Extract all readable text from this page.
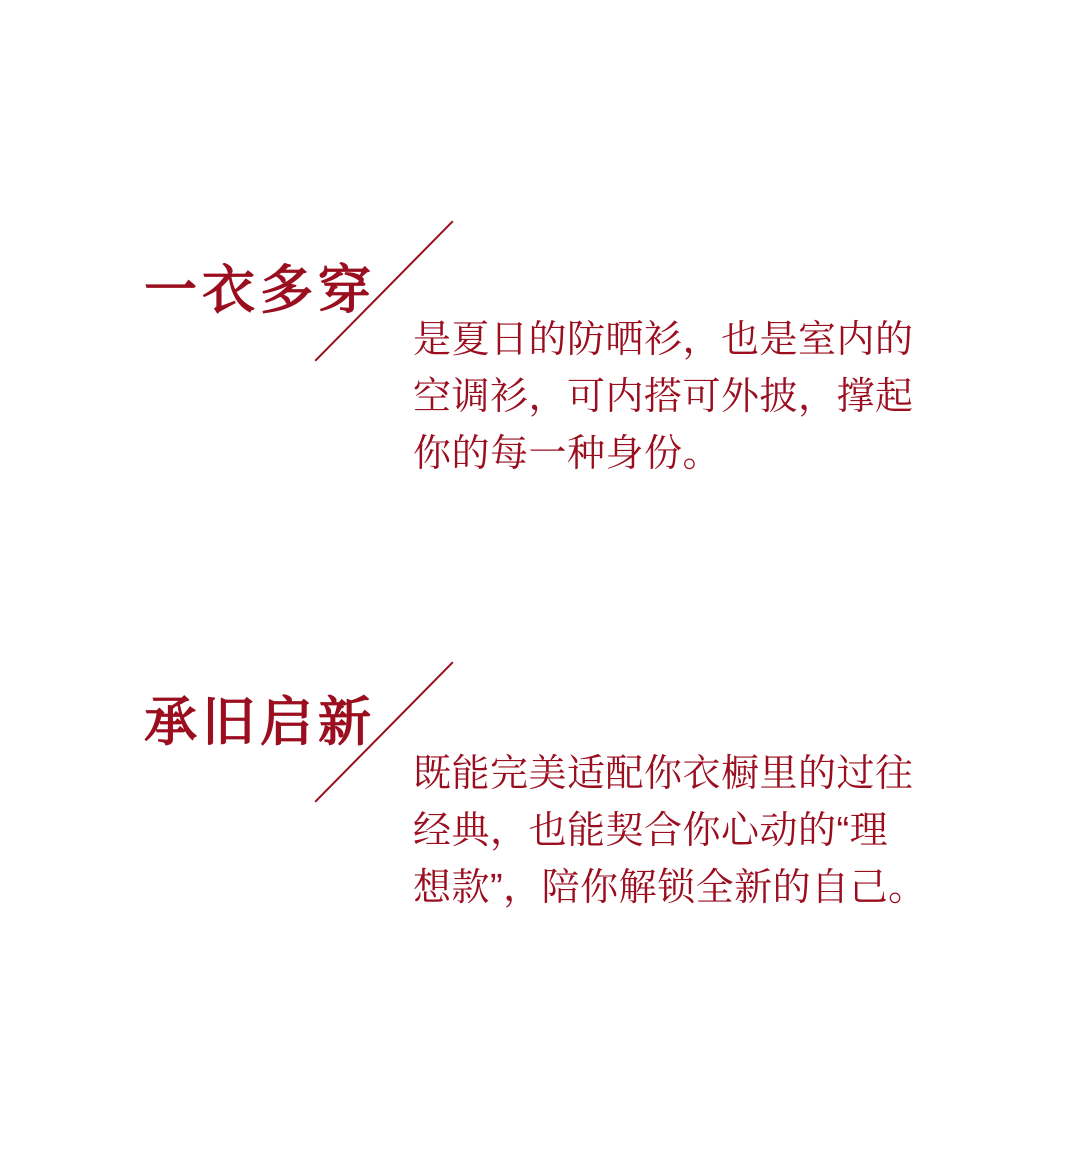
一衣多穿
是夏日的防晒衫，也是室内的
空调衫，可内搭可外披，撑起
你的每一种身份。
承旧启新
既能完美适配你衣橱里的过往
经典，也能契合你心动的“理
想款”，陪你解锁全新的自己。
